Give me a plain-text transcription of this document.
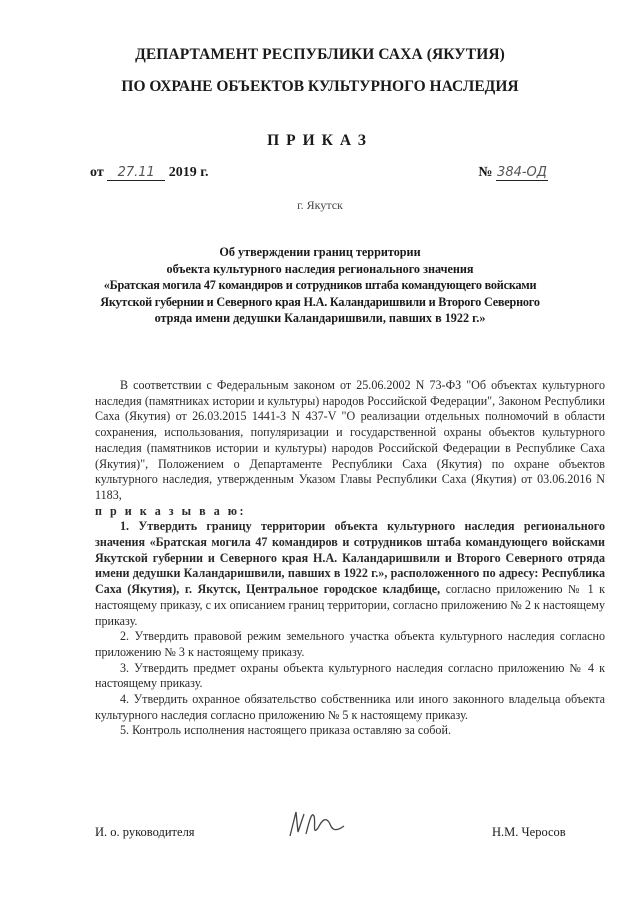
ДЕПАРТАМЕНТ РЕСПУБЛИКИ САХА (ЯКУТИЯ)
ПО ОХРАНЕ ОБЪЕКТОВ КУЛЬТУРНОГО НАСЛЕДИЯ
ПРИКАЗ
от 27.11 2019 г.	№ 384-ОД
г. Якутск
Об утверждении границ территории
объекта культурного наследия регионального значения
«Братская могила 47 командиров и сотрудников штаба командующего войсками
Якутской губернии и Северного края Н.А. Каландаришвили и Второго Северного
отряда имени дедушки Каландаришвили, павших в 1922 г.»

В соответствии с Федеральным законом от 25.06.2002 N 73-ФЗ "Об объектах культурного наследия (памятниках истории и культуры) народов Российской Федерации", Законом Республики Саха (Якутия) от 26.03.2015 1441-З N 437-V "О реализации отдельных полномочий в области сохранения, использования, популяризации и государственной охраны объектов культурного наследия (памятников истории и культуры) народов Российской Федерации в Республике Саха (Якутия)", Положением о Департаменте Республики Саха (Якутия) по охране объектов культурного наследия, утвержденным Указом Главы Республики Саха (Якутия) от 03.06.2016 N 1183,

п р и к а з ы в а ю:

1. Утвердить границу территории объекта культурного наследия регионального значения «Братская могила 47 командиров и сотрудников штаба командующего войсками Якутской губернии и Северного края Н.А. Каландаришвили и Второго Северного отряда имени дедушки Каландаришвили, павших в 1922 г.», расположенного по адресу: Республика Саха (Якутия), г. Якутск, Центральное городское кладбище, согласно приложению № 1 к настоящему приказу, с их описанием границ территории, согласно приложению № 2 к настоящему приказу.

2. Утвердить правовой режим земельного участка объекта культурного наследия согласно приложению № 3 к настоящему приказу.

3. Утвердить предмет охраны объекта культурного наследия согласно приложению № 4 к настоящему приказу.

4. Утвердить охранное обязательство собственника или иного законного владельца объекта культурного наследия согласно приложению № 5 к настоящему приказу.

5. Контроль исполнения настоящего приказа оставляю за собой.

И. о. руководителя	Н.М. Черосов
